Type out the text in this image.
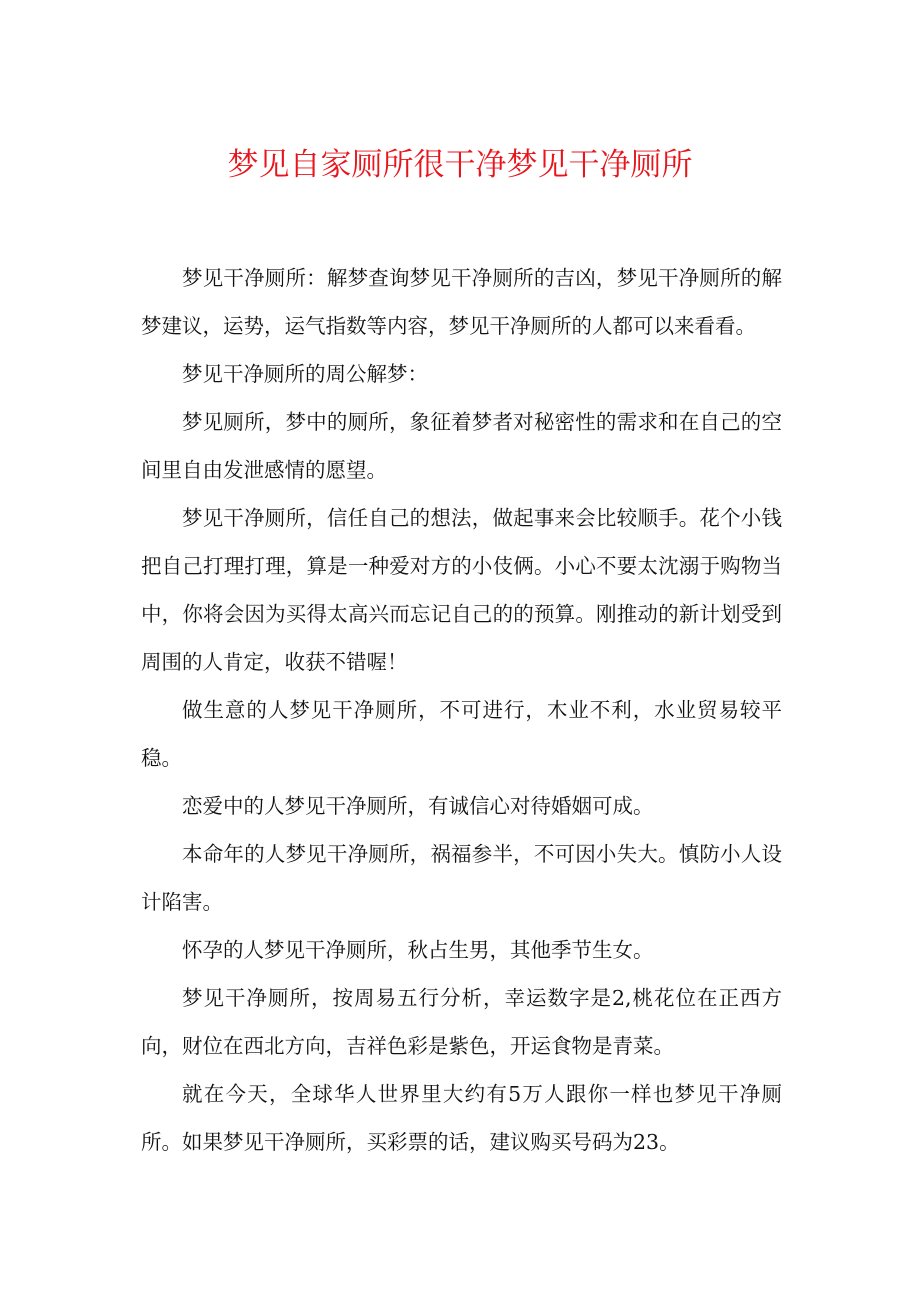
梦见自家厕所很干净梦见干净厕所

梦见干净厕所：解梦查询梦见干净厕所的吉凶，梦见干净厕所的解梦建议，运势，运气指数等内容，梦见干净厕所的人都可以来看看。

梦见干净厕所的周公解梦：

梦见厕所，梦中的厕所，象征着梦者对秘密性的需求和在自己的空间里自由发泄感情的愿望。

梦见干净厕所，信任自己的想法，做起事来会比较顺手。花个小钱把自己打理打理，算是一种爱对方的小伎俩。小心不要太沈溺于购物当中，你将会因为买得太高兴而忘记自己的的预算。刚推动的新计划受到周围的人肯定，收获不错喔！

做生意的人梦见干净厕所，不可进行，木业不利，水业贸易较平稳。

恋爱中的人梦见干净厕所，有诚信心对待婚姻可成。

本命年的人梦见干净厕所，祸福参半，不可因小失大。慎防小人设计陷害。

怀孕的人梦见干净厕所，秋占生男，其他季节生女。

梦见干净厕所，按周易五行分析，幸运数字是2,桃花位在正西方向，财位在西北方向，吉祥色彩是紫色，开运食物是青菜。

就在今天，全球华人世界里大约有5万人跟你一样也梦见干净厕所。如果梦见干净厕所，买彩票的话，建议购买号码为23。
